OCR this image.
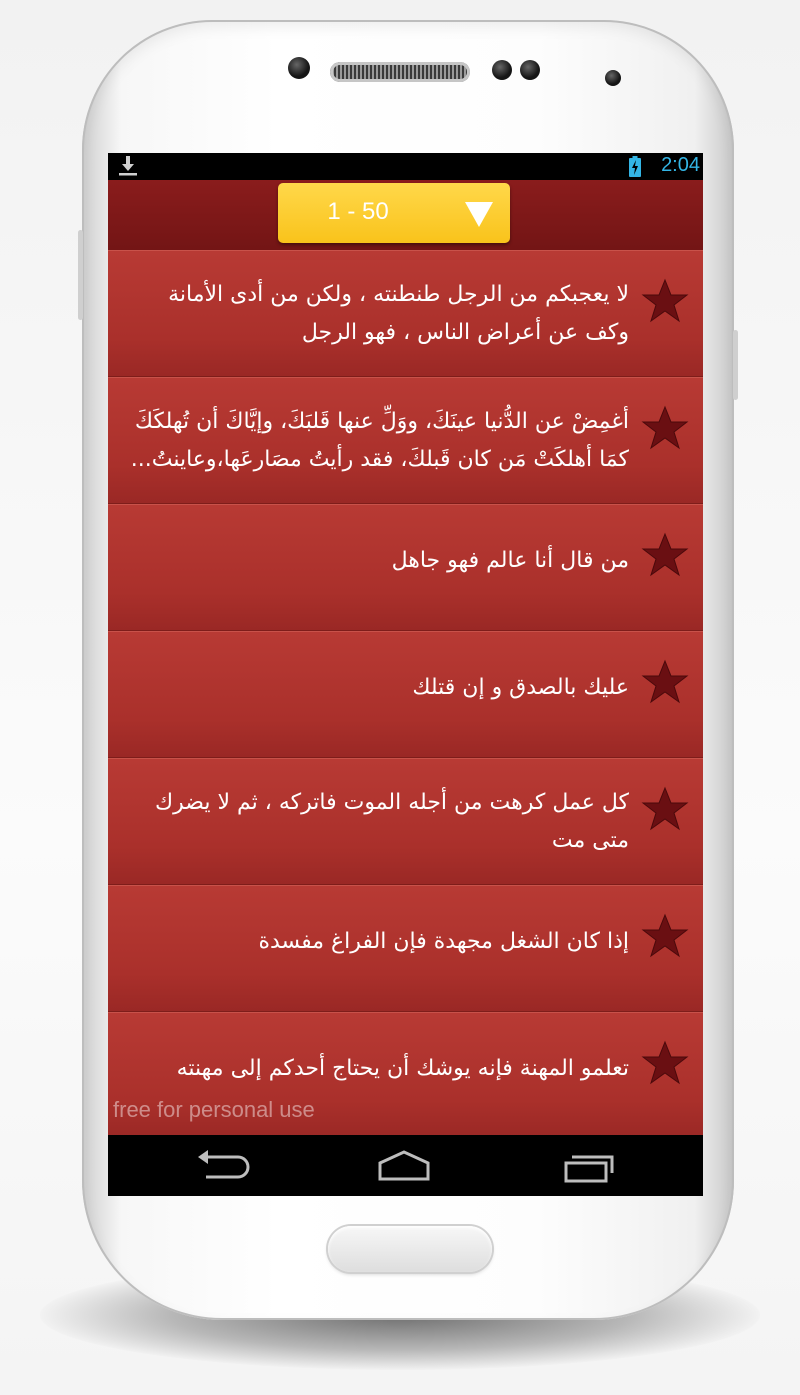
2:04
1 - 50
لا يعجبكم من الرجل طنطنته ، ولكن من أدى الأمانة
وكف عن أعراض الناس ، فهو الرجل
أغمِضْ عن الدُّنيا عينَكَ، ووَلِّ عنها قَلبَكَ، وإيَّاكَ أن تُهلكَكَ
كمَا أهلكَتْ مَن كان قَبلكَ، فقد رأيتُ مصَارعَها،وعاينتُ...
من قال أنا عالم فهو جاهل
عليك بالصدق و إن قتلك
كل عمل كرهت من أجله الموت فاتركه ، ثم لا يضرك
متى مت
إذا كان الشغل مجهدة فإن الفراغ مفسدة
تعلمو المهنة فإنه يوشك أن يحتاج أحدكم إلى مهنته
free for personal use
